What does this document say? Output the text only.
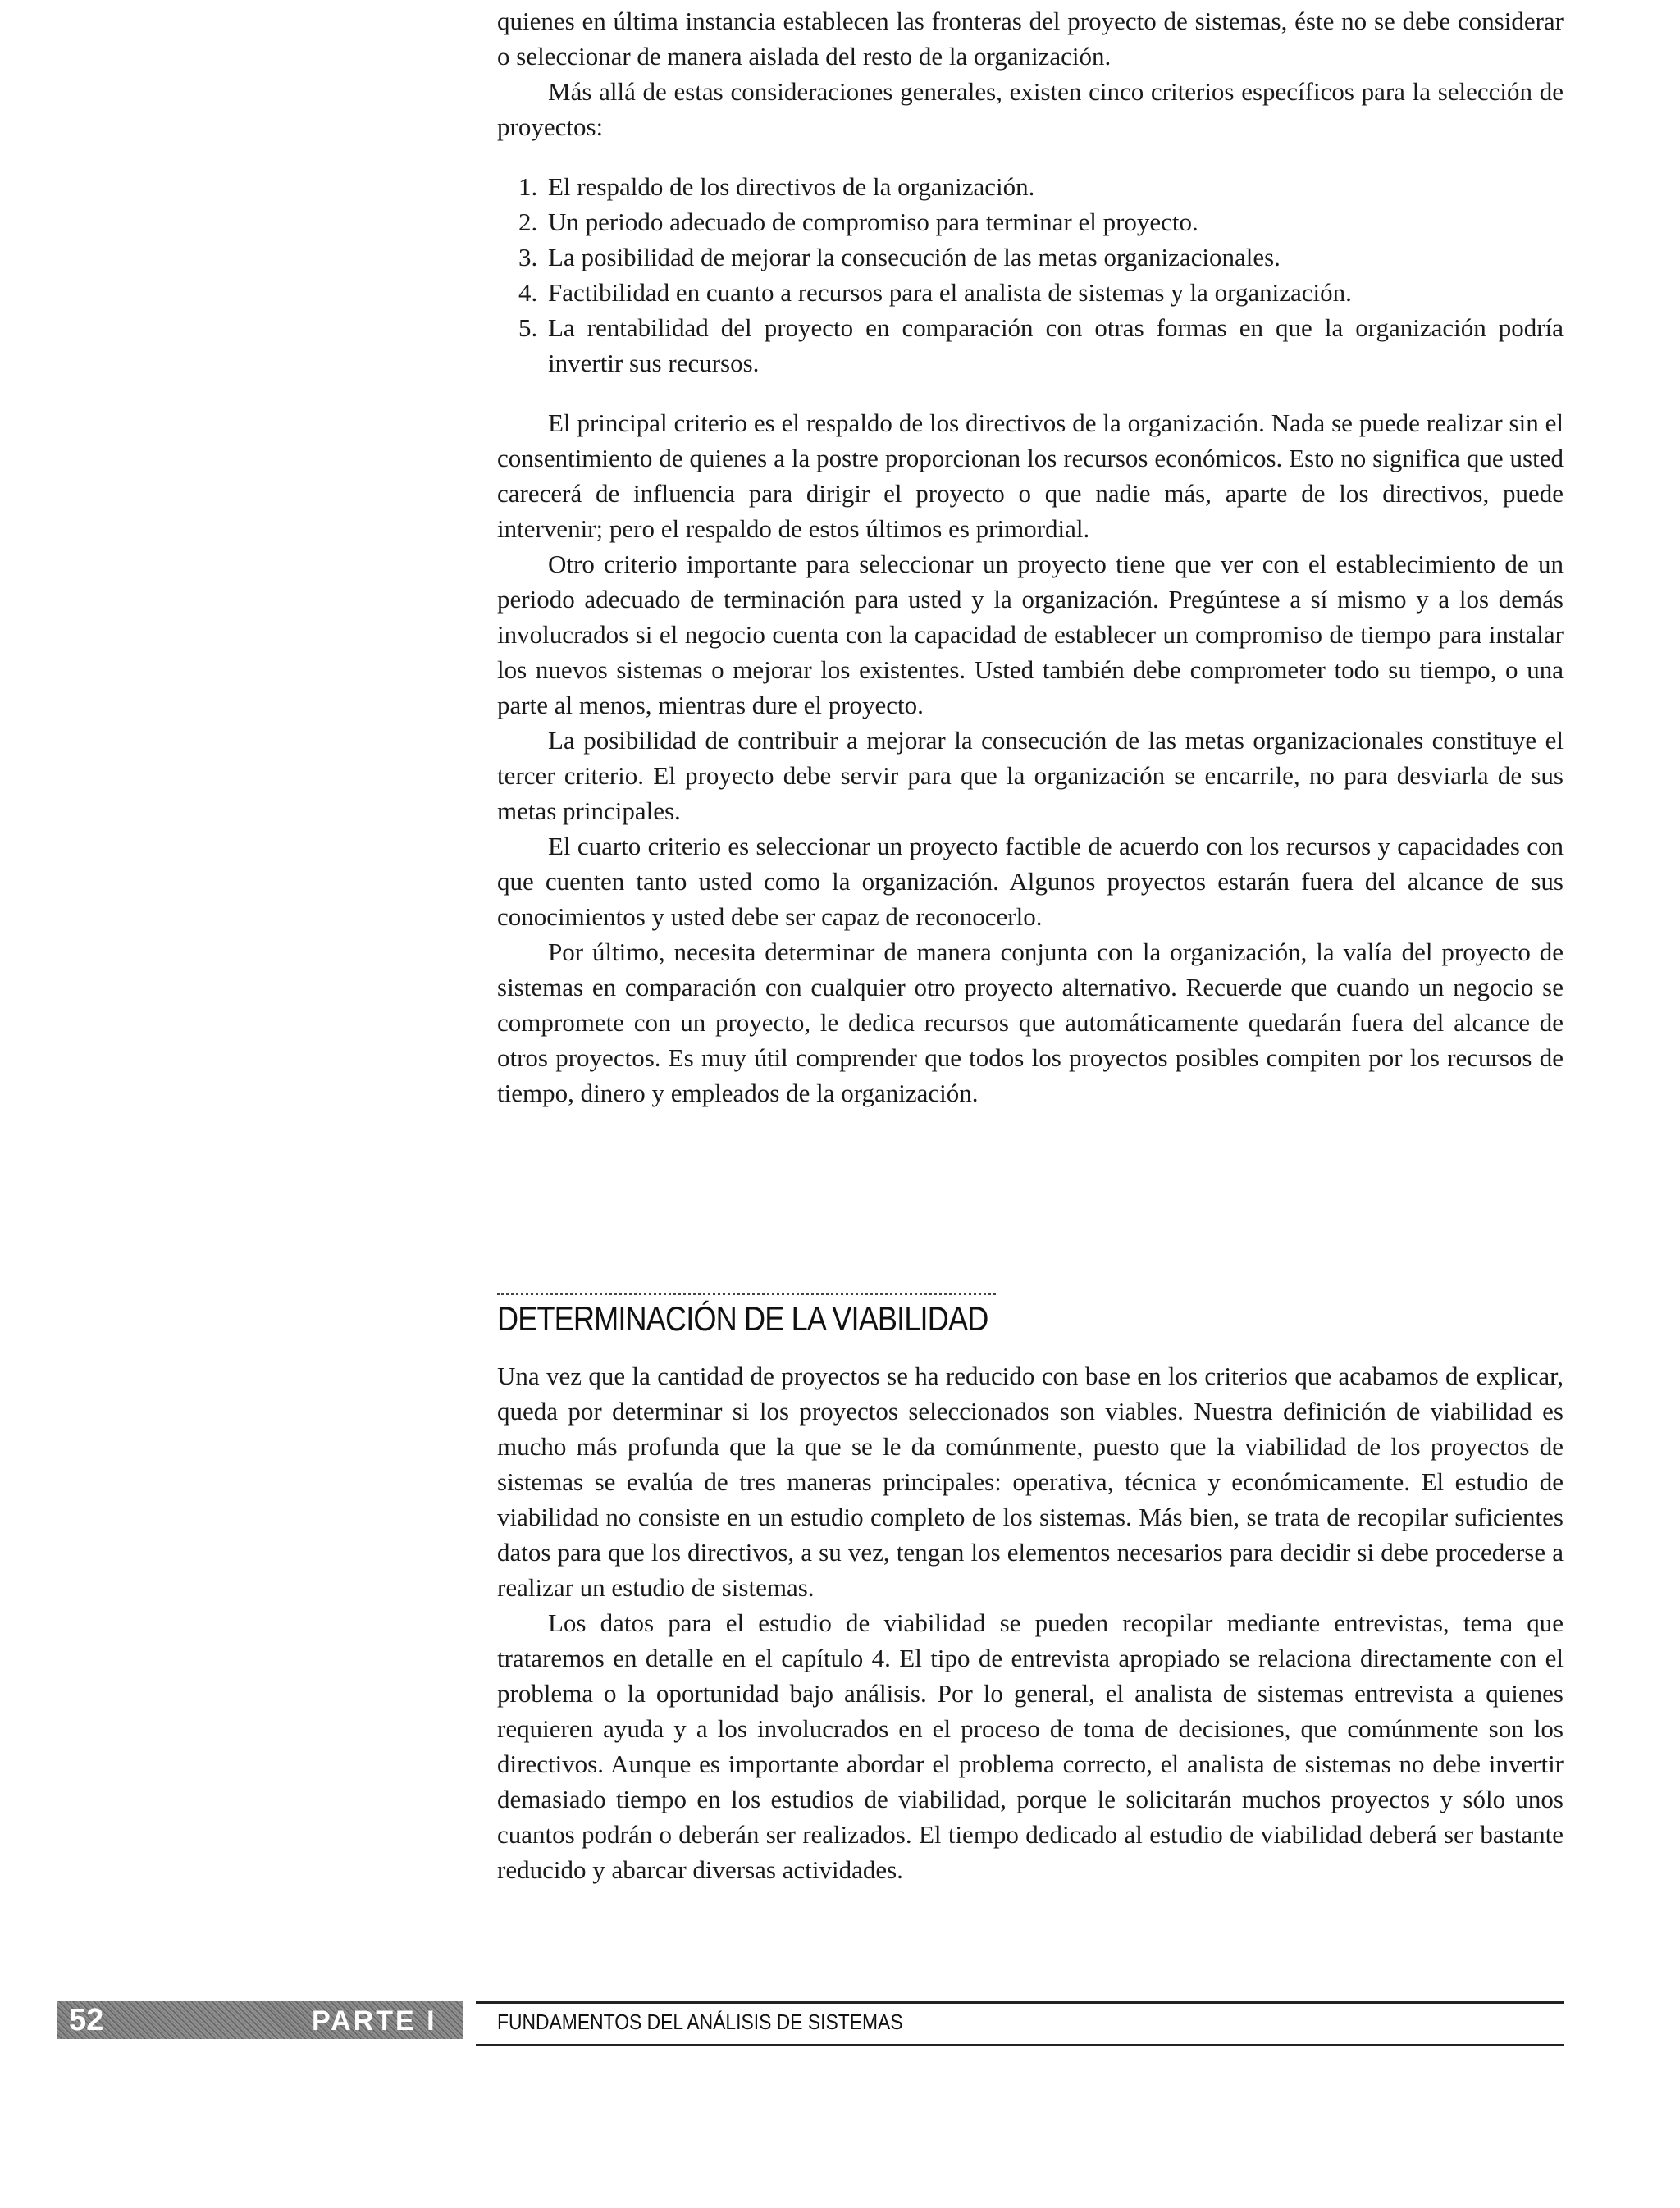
quienes en última instancia establecen las fronteras del proyecto de sistemas, éste no se debe considerar o seleccionar de manera aislada del resto de la organización.

Más allá de estas consideraciones generales, existen cinco criterios específicos para la selección de proyectos:

1. El respaldo de los directivos de la organización.
2. Un periodo adecuado de compromiso para terminar el proyecto.
3. La posibilidad de mejorar la consecución de las metas organizacionales.
4. Factibilidad en cuanto a recursos para el analista de sistemas y la organización.
5. La rentabilidad del proyecto en comparación con otras formas en que la organización podría invertir sus recursos.

El principal criterio es el respaldo de los directivos de la organización. Nada se puede realizar sin el consentimiento de quienes a la postre proporcionan los recursos económicos. Esto no significa que usted carecerá de influencia para dirigir el proyecto o que nadie más, aparte de los directivos, puede intervenir; pero el respaldo de estos últimos es primordial.

Otro criterio importante para seleccionar un proyecto tiene que ver con el establecimiento de un periodo adecuado de terminación para usted y la organización. Pregúntese a sí mismo y a los demás involucrados si el negocio cuenta con la capacidad de establecer un compromiso de tiempo para instalar los nuevos sistemas o mejorar los existentes. Usted también debe comprometer todo su tiempo, o una parte al menos, mientras dure el proyecto.

La posibilidad de contribuir a mejorar la consecución de las metas organizacionales constituye el tercer criterio. El proyecto debe servir para que la organización se encarrile, no para desviarla de sus metas principales.

El cuarto criterio es seleccionar un proyecto factible de acuerdo con los recursos y capacidades con que cuenten tanto usted como la organización. Algunos proyectos estarán fuera del alcance de sus conocimientos y usted debe ser capaz de reconocerlo.

Por último, necesita determinar de manera conjunta con la organización, la valía del proyecto de sistemas en comparación con cualquier otro proyecto alternativo. Recuerde que cuando un negocio se compromete con un proyecto, le dedica recursos que automáticamente quedarán fuera del alcance de otros proyectos. Es muy útil comprender que todos los proyectos posibles compiten por los recursos de tiempo, dinero y empleados de la organización.

DETERMINACIÓN DE LA VIABILIDAD

Una vez que la cantidad de proyectos se ha reducido con base en los criterios que acabamos de explicar, queda por determinar si los proyectos seleccionados son viables. Nuestra definición de viabilidad es mucho más profunda que la que se le da comúnmente, puesto que la viabilidad de los proyectos de sistemas se evalúa de tres maneras principales: operativa, técnica y económicamente. El estudio de viabilidad no consiste en un estudio completo de los sistemas. Más bien, se trata de recopilar suficientes datos para que los directivos, a su vez, tengan los elementos necesarios para decidir si debe procederse a realizar un estudio de sistemas.

Los datos para el estudio de viabilidad se pueden recopilar mediante entrevistas, tema que trataremos en detalle en el capítulo 4. El tipo de entrevista apropiado se relaciona directamente con el problema o la oportunidad bajo análisis. Por lo general, el analista de sistemas entrevista a quienes requieren ayuda y a los involucrados en el proceso de toma de decisiones, que comúnmente son los directivos. Aunque es importante abordar el problema correcto, el analista de sistemas no debe invertir demasiado tiempo en los estudios de viabilidad, porque le solicitarán muchos proyectos y sólo unos cuantos podrán o deberán ser realizados. El tiempo dedicado al estudio de viabilidad deberá ser bastante reducido y abarcar diversas actividades.

52	PARTE I	FUNDAMENTOS DEL ANÁLISIS DE SISTEMAS
